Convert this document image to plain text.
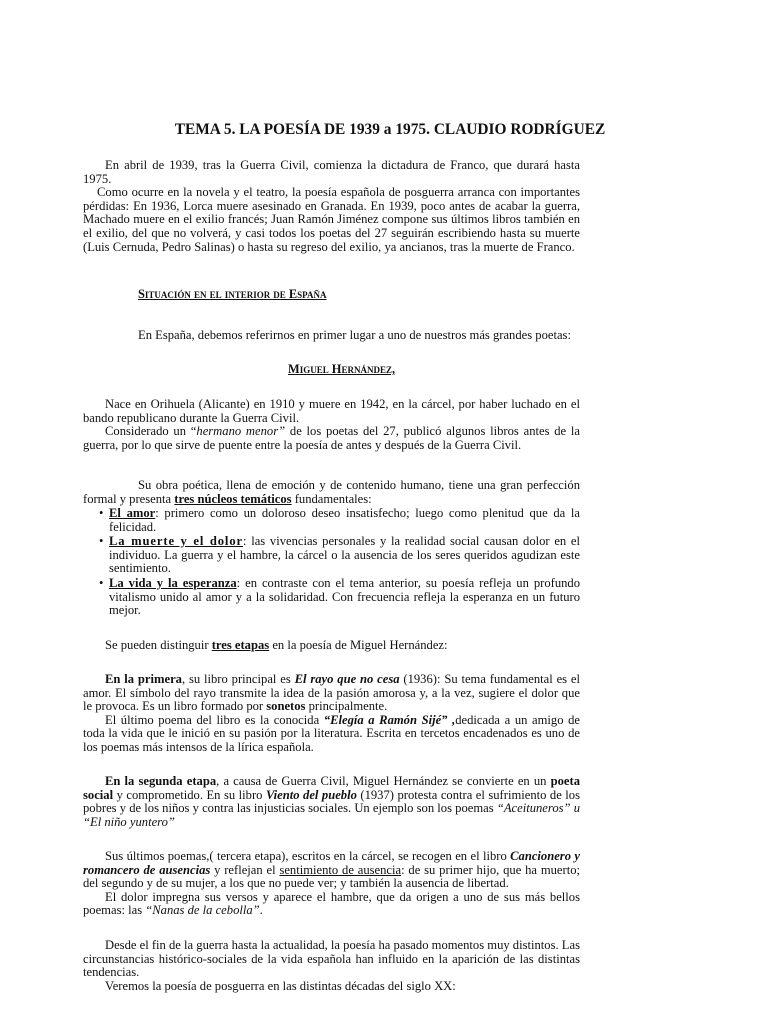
TEMA 5. LA POESÍA DE 1939 a 1975. CLAUDIO RODRÍGUEZ
En abril de 1939, tras la Guerra Civil, comienza la dictadura de Franco, que durará hasta 1975.
Como ocurre en la novela y el teatro, la poesía española de posguerra arranca con importantes pérdidas: En 1936, Lorca muere asesinado en Granada. En 1939, poco antes de acabar la guerra, Machado muere en el exilio francés; Juan Ramón Jiménez compone sus últimos libros también en el exilio, del que no volverá, y casi todos los poetas del 27 seguirán escribiendo hasta su muerte (Luis Cernuda, Pedro Salinas) o hasta su regreso del exilio, ya ancianos, tras la muerte de Franco.
Situación en el interior de España
En España, debemos referirnos en primer lugar a uno de nuestros más grandes poetas:
Miguel Hernández,
Nace en Orihuela (Alicante) en 1910 y muere en 1942, en la cárcel, por haber luchado en el bando republicano durante la Guerra Civil.
Considerado un “hermano menor” de los poetas del 27, publicó algunos libros antes de la guerra, por lo que sirve de puente entre la poesía de antes y después de la Guerra Civil.
Su obra poética, llena de emoción y de contenido humano, tiene una gran perfección formal y presenta tres núcleos temáticos fundamentales:
• El amor: primero como un doloroso deseo insatisfecho; luego como plenitud que da la felicidad.
• La muerte y el dolor: las vivencias personales y la realidad social causan dolor en el individuo. La guerra y el hambre, la cárcel o la ausencia de los seres queridos agudizan este sentimiento.
• La vida y la esperanza: en contraste con el tema anterior, su poesía refleja un profundo vitalismo unido al amor y a la solidaridad. Con frecuencia refleja la esperanza en un futuro mejor.
Se pueden distinguir tres etapas en la poesía de Miguel Hernández:
En la primera, su libro principal es El rayo que no cesa (1936): Su tema fundamental es el amor. El símbolo del rayo transmite la idea de la pasión amorosa y, a la vez, sugiere el dolor que le provoca. Es un libro formado por sonetos principalmente.
El último poema del libro es la conocida “Elegía a Ramón Sijé” ,dedicada a un amigo de toda la vida que le inició en su pasión por la literatura. Escrita en tercetos encadenados es uno de los poemas más intensos de la lírica española.
En la segunda etapa, a causa de Guerra Civil, Miguel Hernández se convierte en un poeta social y comprometido. En su libro Viento del pueblo (1937) protesta contra el sufrimiento de los pobres y de los niños y contra las injusticias sociales. Un ejemplo son los poemas “Aceituneros” u “El niño yuntero”
Sus últimos poemas,( tercera etapa), escritos en la cárcel, se recogen en el libro Cancionero y romancero de ausencias y reflejan el sentimiento de ausencia: de su primer hijo, que ha muerto; del segundo y de su mujer, a los que no puede ver; y también la ausencia de libertad.
El dolor impregna sus versos y aparece el hambre, que da origen a uno de sus más bellos poemas: las “Nanas de la cebolla”.
Desde el fin de la guerra hasta la actualidad, la poesía ha pasado momentos muy distintos. Las circunstancias histórico-sociales de la vida española han influido en la aparición de las distintas tendencias.
Veremos la poesía de posguerra en las distintas décadas del siglo XX:
